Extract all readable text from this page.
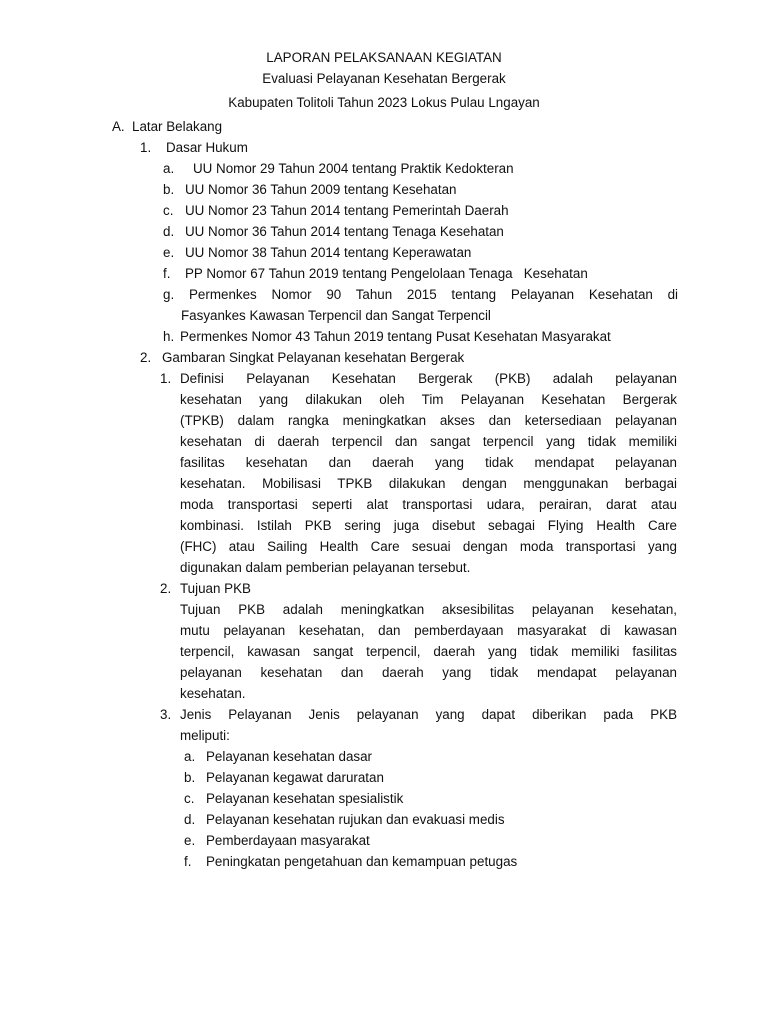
LAPORAN PELAKSANAAN KEGIATAN
Evaluasi Pelayanan Kesehatan Bergerak
Kabupaten Tolitoli Tahun 2023 Lokus Pulau Lngayan
A. Latar Belakang
1. Dasar Hukum
a. UU Nomor 29 Tahun 2004 tentang Praktik Kedokteran
b. UU Nomor 36 Tahun 2009 tentang Kesehatan
c. UU Nomor 23 Tahun 2014 tentang Pemerintah Daerah
d. UU Nomor 36 Tahun 2014 tentang Tenaga Kesehatan
e. UU Nomor 38 Tahun 2014 tentang Keperawatan
f. PP Nomor 67 Tahun 2019 tentang Pengelolaan Tenaga   Kesehatan
g. Permenkes Nomor 90 Tahun 2015 tentang Pelayanan Kesehatan di
Fasyankes Kawasan Terpencil dan Sangat Terpencil
h. Permenkes Nomor 43 Tahun 2019 tentang Pusat Kesehatan Masyarakat
2. Gambaran Singkat Pelayanan kesehatan Bergerak
1. Definisi Pelayanan Kesehatan Bergerak (PKB) adalah pelayanan
kesehatan yang dilakukan oleh Tim Pelayanan Kesehatan Bergerak
(TPKB) dalam rangka meningkatkan akses dan ketersediaan pelayanan
kesehatan di daerah terpencil dan sangat terpencil yang tidak memiliki
fasilitas kesehatan dan daerah yang tidak mendapat pelayanan
kesehatan. Mobilisasi TPKB dilakukan dengan menggunakan berbagai
moda transportasi seperti alat transportasi udara, perairan, darat atau
kombinasi. Istilah PKB sering juga disebut sebagai Flying Health Care
(FHC) atau Sailing Health Care sesuai dengan moda transportasi yang
digunakan dalam pemberian pelayanan tersebut.
2. Tujuan PKB
Tujuan PKB adalah meningkatkan aksesibilitas pelayanan kesehatan,
mutu pelayanan kesehatan, dan pemberdayaan masyarakat di kawasan
terpencil, kawasan sangat terpencil, daerah yang tidak memiliki fasilitas
pelayanan kesehatan dan daerah yang tidak mendapat pelayanan
kesehatan.
3. Jenis Pelayanan Jenis pelayanan yang dapat diberikan pada PKB
meliputi:
a. Pelayanan kesehatan dasar
b. Pelayanan kegawat daruratan
c. Pelayanan kesehatan spesialistik
d. Pelayanan kesehatan rujukan dan evakuasi medis
e. Pemberdayaan masyarakat
f. Peningkatan pengetahuan dan kemampuan petugas
